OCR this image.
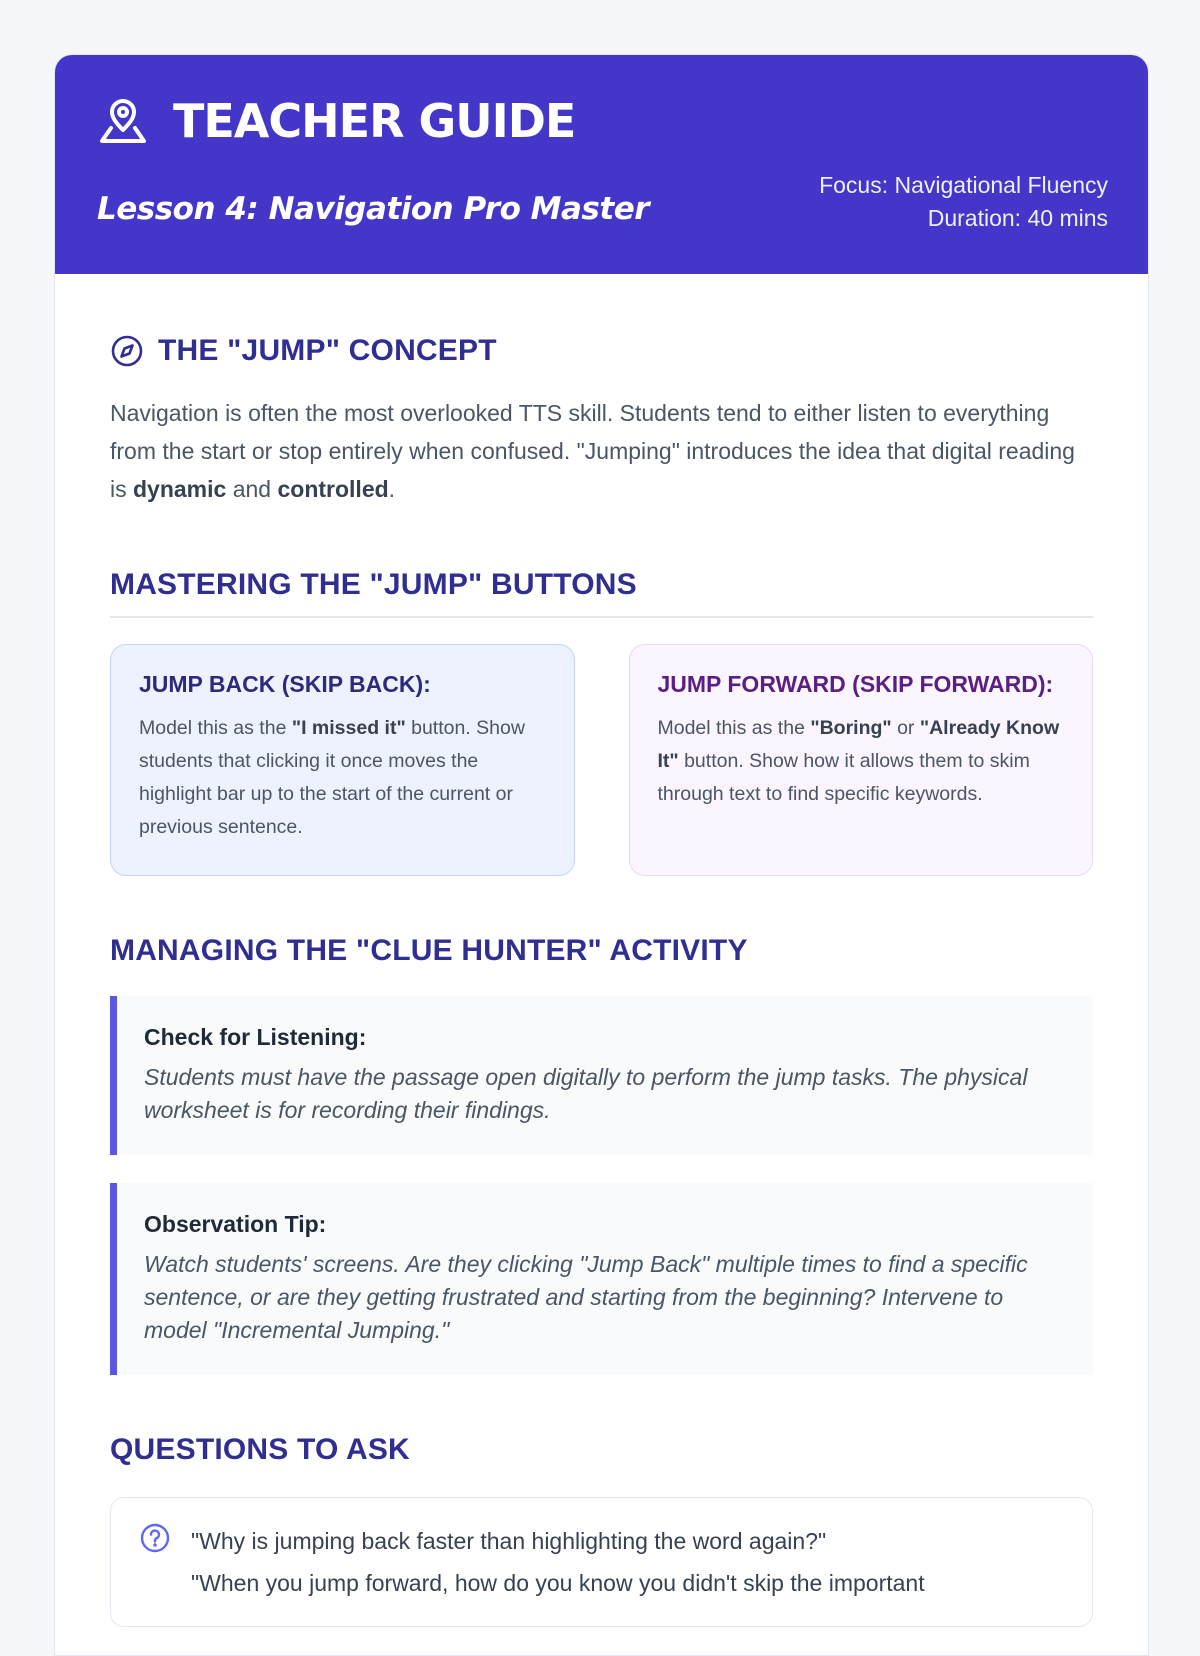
TEACHER GUIDE
Lesson 4: Navigation Pro Master
Focus: Navigational Fluency
Duration: 40 mins
THE "JUMP" CONCEPT

Navigation is often the most overlooked TTS skill. Students tend to either listen to everything from the start or stop entirely when confused. "Jumping" introduces the idea that digital reading is dynamic and controlled.

MASTERING THE "JUMP" BUTTONS
JUMP BACK (SKIP BACK):
Model this as the "I missed it" button. Show students that clicking it once moves the highlight bar up to the start of the current or previous sentence.
JUMP FORWARD (SKIP FORWARD):
Model this as the "Boring" or "Already Know It" button. Show how it allows them to skim through text to find specific keywords.
MANAGING THE "CLUE HUNTER" ACTIVITY
Check for Listening:
Students must have the passage open digitally to perform the jump tasks. The physical worksheet is for recording their findings.
Observation Tip:
Watch students' screens. Are they clicking "Jump Back" multiple times to find a specific sentence, or are they getting frustrated and starting from the beginning? Intervene to model "Incremental Jumping."
QUESTIONS TO ASK
"Why is jumping back faster than highlighting the word again?"
"When you jump forward, how do you know you didn't skip the important
